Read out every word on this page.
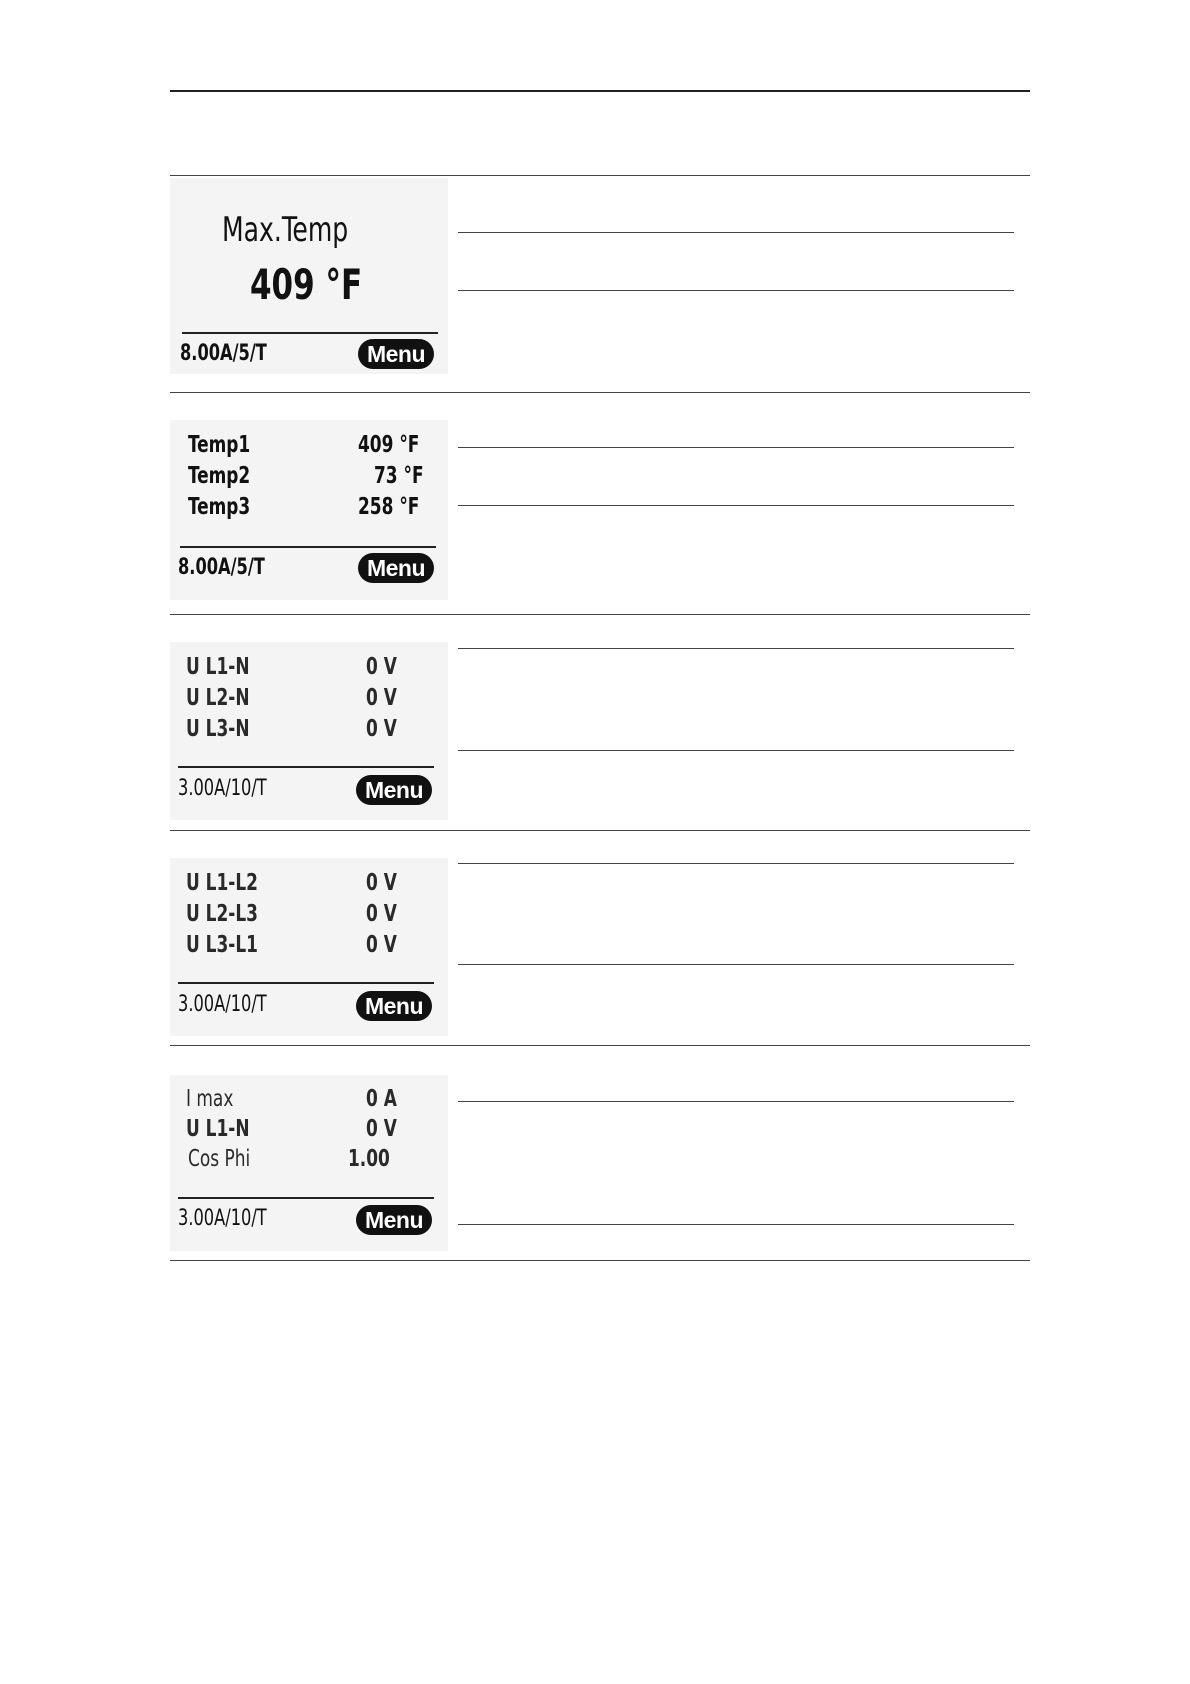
Max.Temp
409 °F
8.00A/5/T	Menu
Temp1	409 °F
Temp2	73 °F
Temp3	258 °F
8.00A/5/T	Menu
U L1-N	0 V
U L2-N	0 V
U L3-N	0 V
3.00A/10/T	Menu
U L1-L2	0 V
U L2-L3	0 V
U L3-L1	0 V
3.00A/10/T	Menu
I max	0 A
U L1-N	0 V
Cos Phi	1.00
3.00A/10/T	Menu
